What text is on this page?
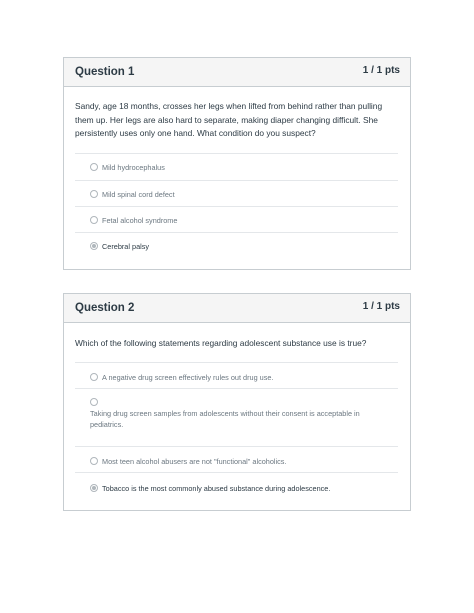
Question 1	1 / 1 pts
Sandy, age 18 months, crosses her legs when lifted from behind rather than pulling them up. Her legs are also hard to separate, making diaper changing difficult. She persistently uses only one hand. What condition do you suspect?
Mild hydrocephalus
Mild spinal cord defect
Fetal alcohol syndrome
Cerebral palsy
Question 2	1 / 1 pts
Which of the following statements regarding adolescent substance use is true?
A negative drug screen effectively rules out drug use.
Taking drug screen samples from adolescents without their consent is acceptable in pediatrics.
Most teen alcohol abusers are not "functional" alcoholics.
Tobacco is the most commonly abused substance during adolescence.
